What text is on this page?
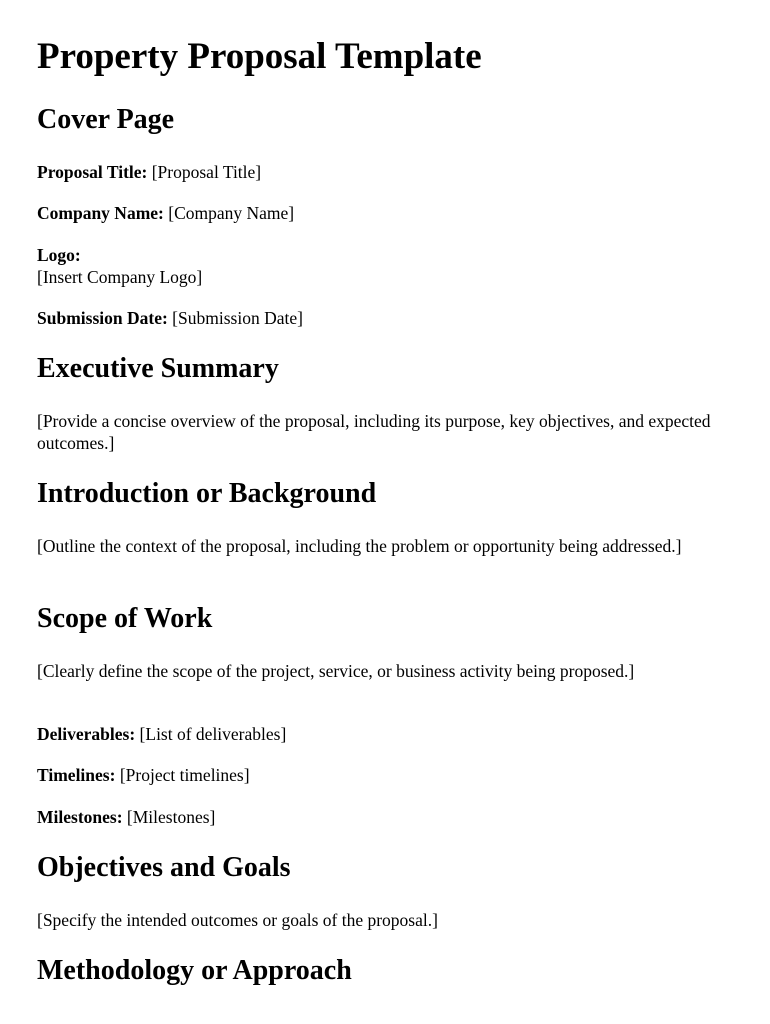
Property Proposal Template
Cover Page

Proposal Title: [Proposal Title]

Company Name: [Company Name]

Logo:
[Insert Company Logo]

Submission Date: [Submission Date]

Executive Summary

[Provide a concise overview of the proposal, including its purpose, key objectives, and expected outcomes.]

Introduction or Background

[Outline the context of the proposal, including the problem or opportunity being addressed.]

Scope of Work

[Clearly define the scope of the project, service, or business activity being proposed.]

Deliverables: [List of deliverables]

Timelines: [Project timelines]

Milestones: [Milestones]

Objectives and Goals

[Specify the intended outcomes or goals of the proposal.]

Methodology or Approach
